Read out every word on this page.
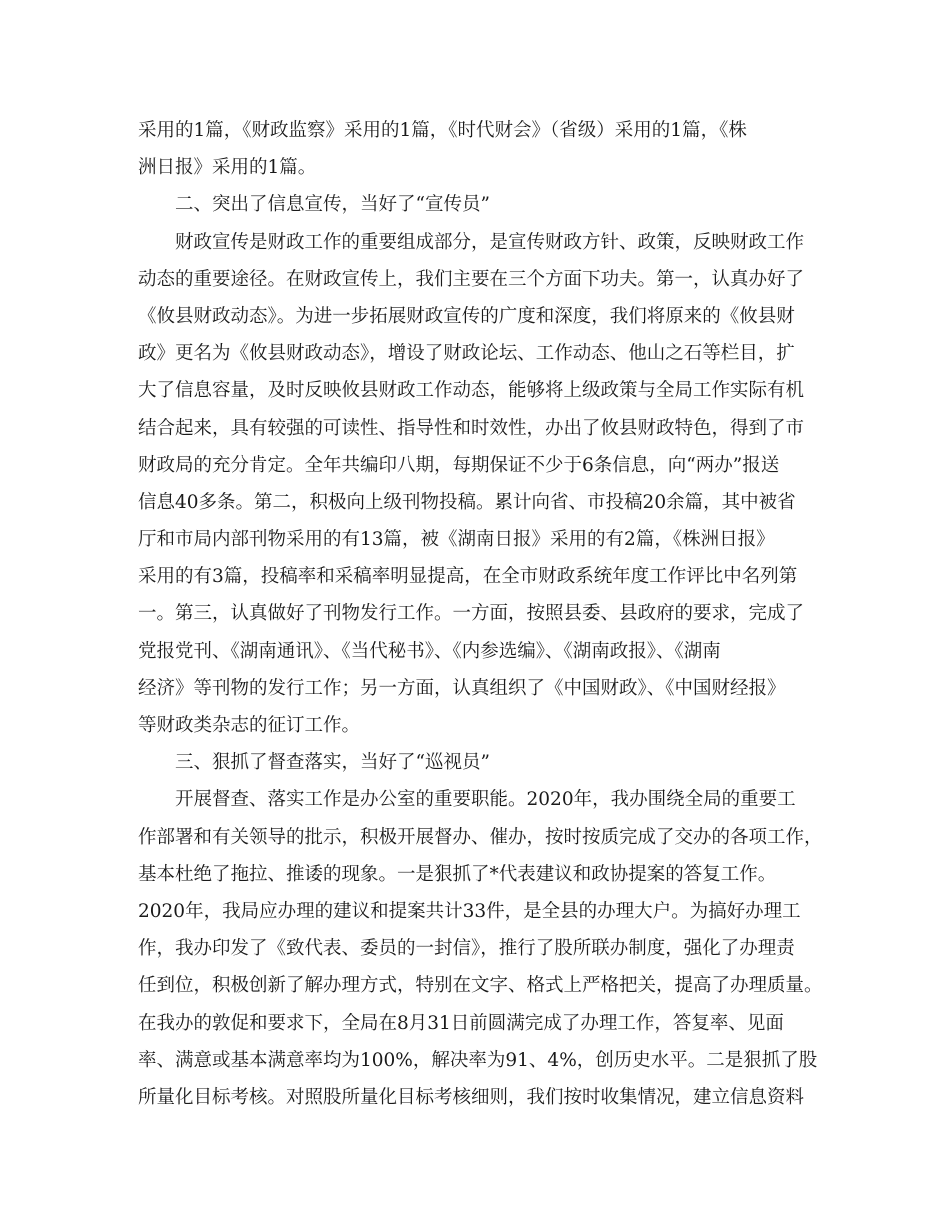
采用的1篇，《财政监察》采用的1篇，《时代财会》（省级）采用的1篇，《株
洲日报》采用的1篇。
二、突出了信息宣传，当好了“宣传员”
财政宣传是财政工作的重要组成部分，是宣传财政方针、政策，反映财政工作
动态的重要途径。在财政宣传上，我们主要在三个方面下功夫。第一，认真办好了
《攸县财政动态》。为进一步拓展财政宣传的广度和深度，我们将原来的《攸县财
政》更名为《攸县财政动态》，增设了财政论坛、工作动态、他山之石等栏目，扩
大了信息容量，及时反映攸县财政工作动态，能够将上级政策与全局工作实际有机
结合起来，具有较强的可读性、指导性和时效性，办出了攸县财政特色，得到了市
财政局的充分肯定。全年共编印八期，每期保证不少于6条信息，向“两办”报送
信息40多条。第二，积极向上级刊物投稿。累计向省、市投稿20余篇，其中被省
厅和市局内部刊物采用的有13篇，被《湖南日报》采用的有2篇，《株洲日报》
采用的有3篇，投稿率和采稿率明显提高，在全市财政系统年度工作评比中名列第
一。第三，认真做好了刊物发行工作。一方面，按照县委、县政府的要求，完成了
党报党刊、《湖南通讯》、《当代秘书》、《内参选编》、《湖南政报》、《湖南
经济》等刊物的发行工作；另一方面，认真组织了《中国财政》、《中国财经报》
等财政类杂志的征订工作。
三、狠抓了督查落实，当好了“巡视员”
开展督查、落实工作是办公室的重要职能。2020年，我办围绕全局的重要工
作部署和有关领导的批示，积极开展督办、催办，按时按质完成了交办的各项工作，
基本杜绝了拖拉、推诿的现象。一是狠抓了*代表建议和政协提案的答复工作。
2020年，我局应办理的建议和提案共计33件，是全县的办理大户。为搞好办理工
作，我办印发了《致代表、委员的一封信》，推行了股所联办制度，强化了办理责
任到位，积极创新了解办理方式，特别在文字、格式上严格把关，提高了办理质量。
在我办的敦促和要求下，全局在8月31日前圆满完成了办理工作，答复率、见面
率、满意或基本满意率均为100%，解决率为91、4%，创历史水平。二是狠抓了股
所量化目标考核。对照股所量化目标考核细则，我们按时收集情况，建立信息资料
